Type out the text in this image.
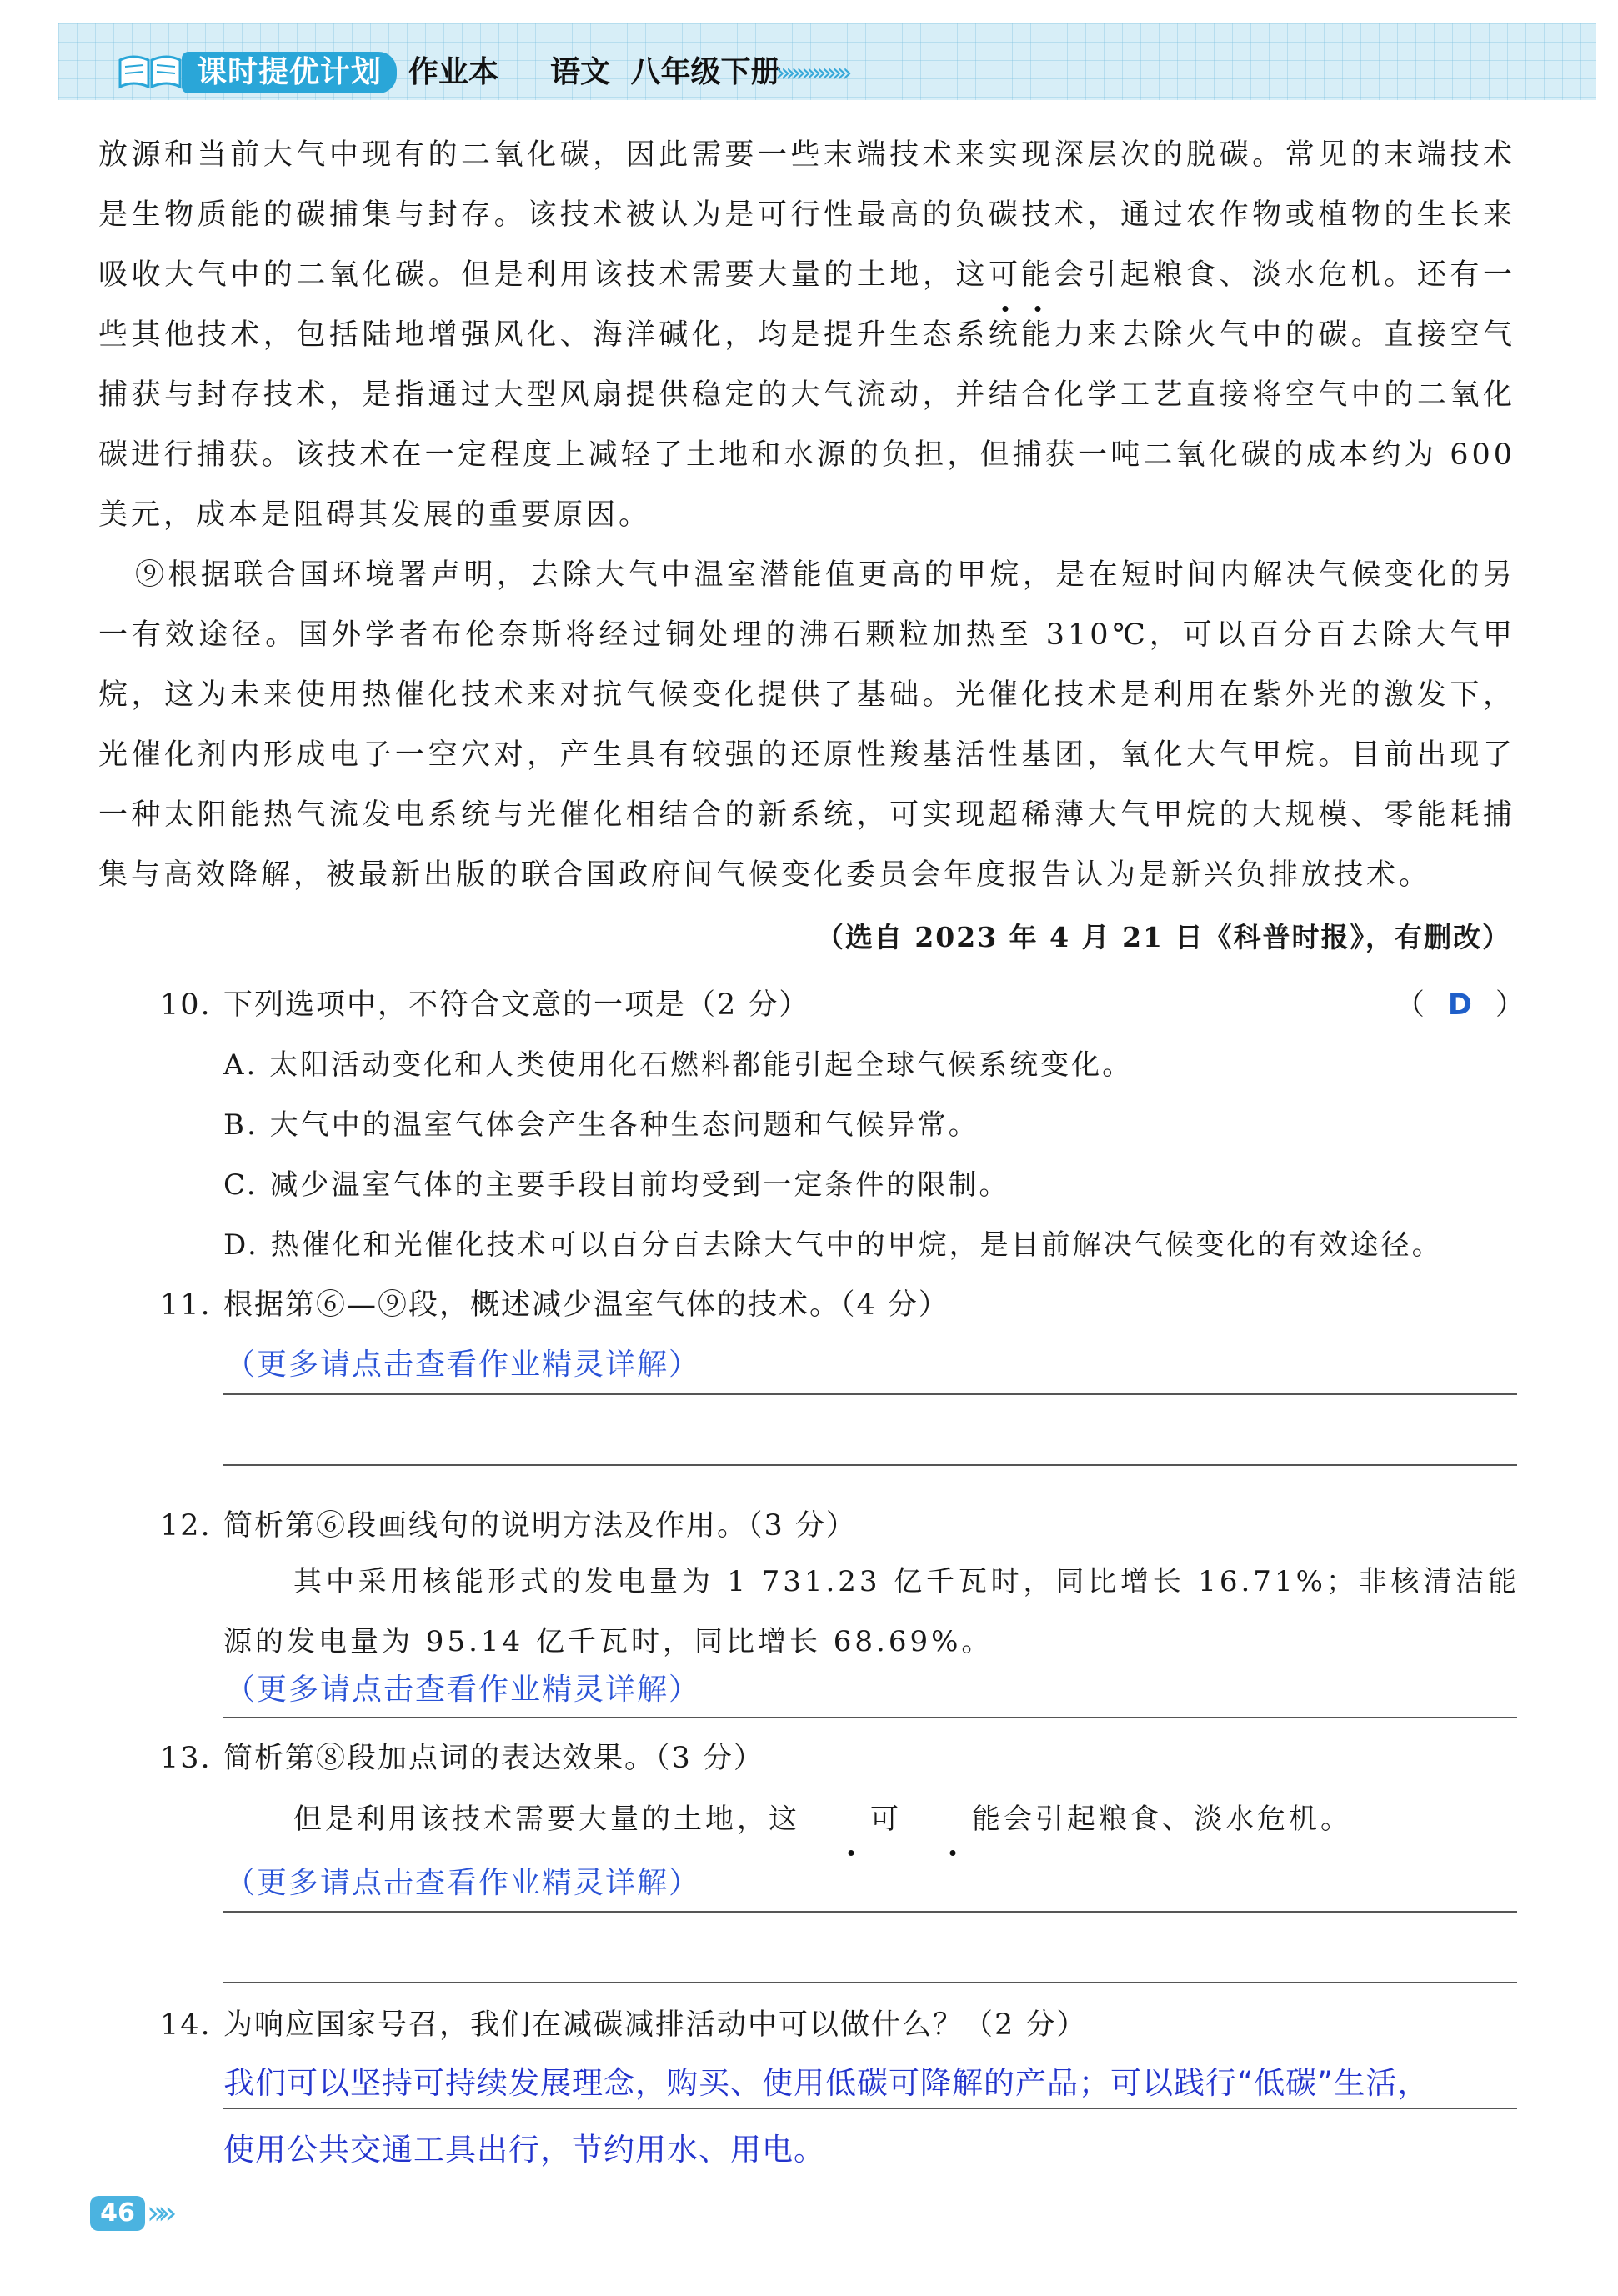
课时提优计划 作业本 语文 八年级下册
»»»»»»»

放源和当前大气中现有的二氧化碳，因此需要一些末端技术来实现深层次的脱碳。常见的末端技术是生物质能的碳捕集与封存。该技术被认为是可行性最高的负碳技术，通过农作物或植物的生长来吸收大气中的二氧化碳。但是利用该技术需要大量的土地，这可能会引起粮食、淡水危机。还有一些其他技术，包括陆地增强风化、海洋碱化，均是提升生态系统能力来去除火气中的碳。直接空气捕获与封存技术，是指通过大型风扇提供稳定的大气流动，并结合化学工艺直接将空气中的二氧化碳进行捕获。该技术在一定程度上减轻了土地和水源的负担，但捕获一吨二氧化碳的成本约为 600 美元，成本是阻碍其发展的重要原因。

⑨根据联合国环境署声明，去除大气中温室潜能值更高的甲烷，是在短时间内解决气候变化的另一有效途径。国外学者布伦奈斯将经过铜处理的沸石颗粒加热至 310℃，可以百分百去除大气甲烷，这为未来使用热催化技术来对抗气候变化提供了基础。光催化技术是利用在紫外光的激发下，光催化剂内形成电子一空穴对，产生具有较强的还原性羧基活性基团，氧化大气甲烷。目前出现了一种太阳能热气流发电系统与光催化相结合的新系统，可实现超稀薄大气甲烷的大规模、零能耗捕集与高效降解，被最新出版的联合国政府间气候变化委员会年度报告认为是新兴负排放技术。

（选自 2023 年 4 月 21 日《科普时报》，有删改）
10. 下列选项中，不符合文意的一项是（2 分）	（ D ）
A. 太阳活动变化和人类使用化石燃料都能引起全球气候系统变化。
B. 大气中的温室气体会产生各种生态问题和气候异常。
C. 减少温室气体的主要手段目前均受到一定条件的限制。
D. 热催化和光催化技术可以百分百去除大气中的甲烷，是目前解决气候变化的有效途径。
11. 根据第⑥—⑨段，概述减少温室气体的技术。（4 分）
（更多请点击查看作业精灵详解）
12. 简析第⑥段画线句的说明方法及作用。（3 分）

其中采用核能形式的发电量为 1 731.23 亿千瓦时，同比增长 16.71%；非核清洁能源的发电量为 95.14 亿千瓦时，同比增长 68.69%。

（更多请点击查看作业精灵详解）
13. 简析第⑧段加点词的表达效果。（3 分）

但是利用该技术需要大量的土地，这 可 能会引起粮食、淡水危机。

（更多请点击查看作业精灵详解）
14. 为响应国家号召，我们在减碳减排活动中可以做什么？（2 分）
我们可以坚持可持续发展理念，购买、使用低碳可降解的产品；可以践行“低碳”生活，
使用公共交通工具出行，节约用水、用电。
46 »»
